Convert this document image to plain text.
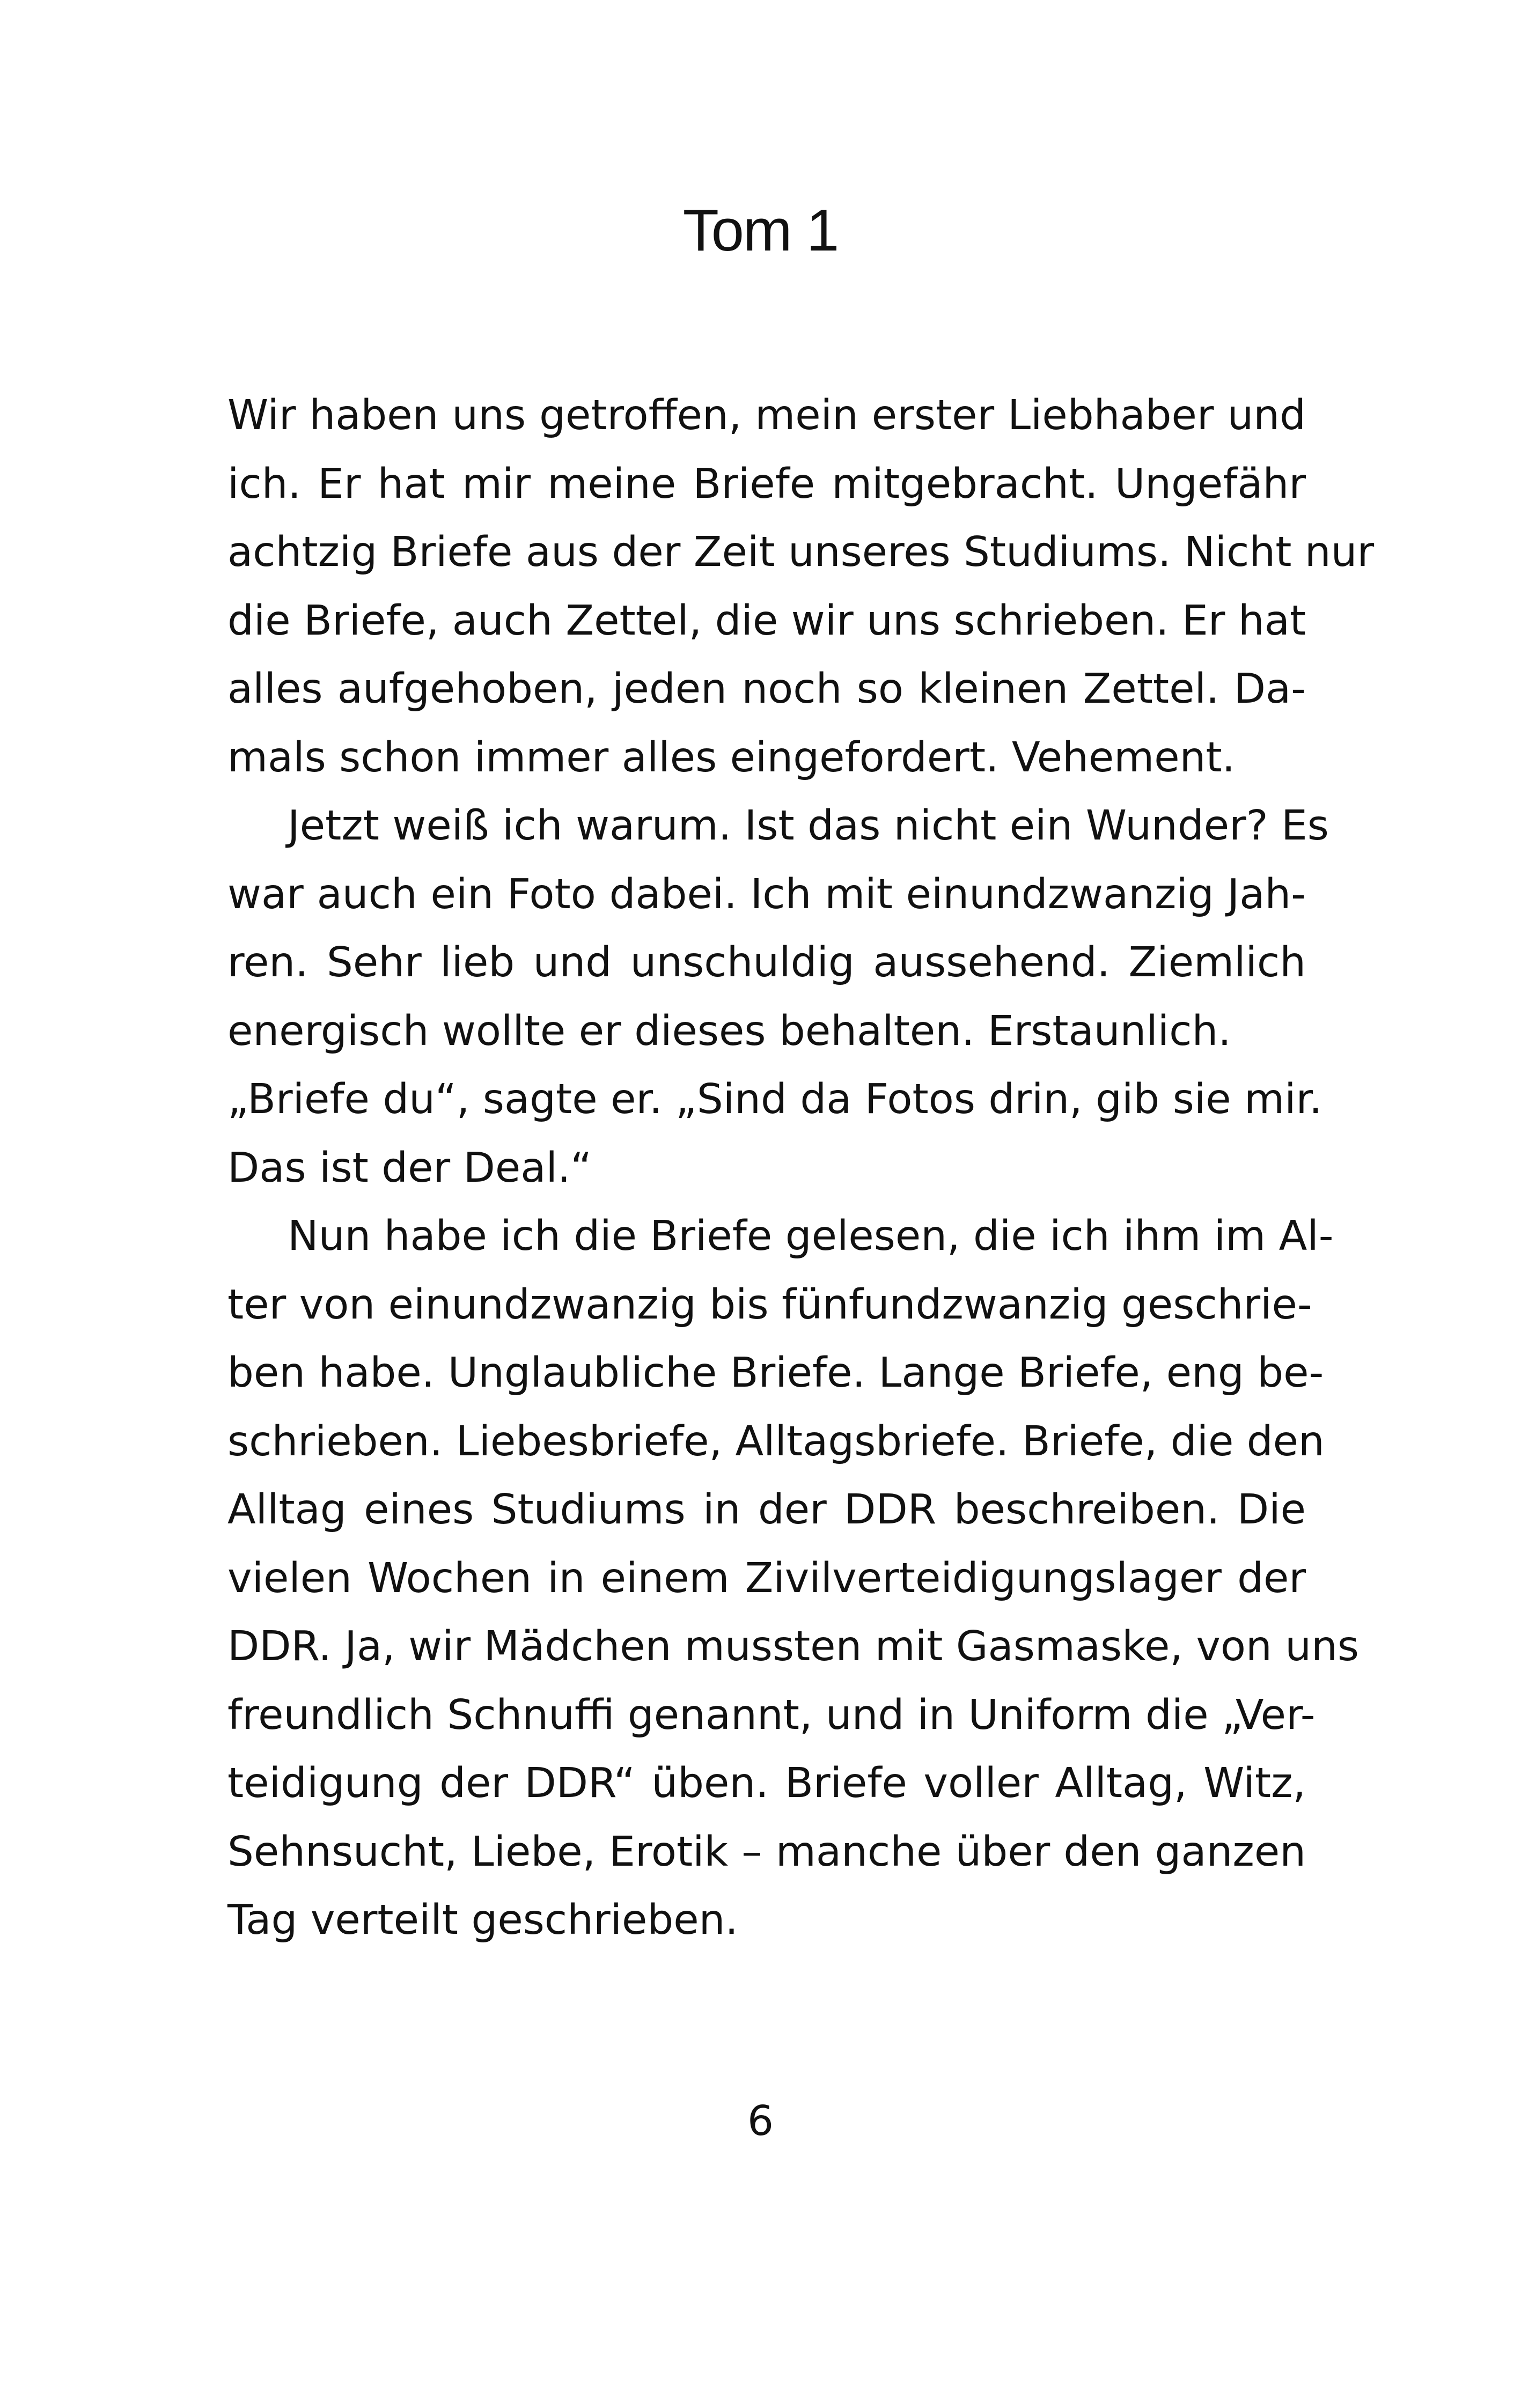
Tom 1
Wir haben uns getroffen, mein erster Liebhaber und
ich. Er hat mir meine Briefe mitgebracht. Ungefähr
achtzig Briefe aus der Zeit unseres Studiums. Nicht nur
die Briefe, auch Zettel, die wir uns schrieben. Er hat
alles aufgehoben, jeden noch so kleinen Zettel. Da-
mals schon immer alles eingefordert. Vehement.
Jetzt weiß ich warum. Ist das nicht ein Wunder? Es
war auch ein Foto dabei. Ich mit einundzwanzig Jah-
ren. Sehr lieb und unschuldig aussehend. Ziemlich
energisch wollte er dieses behalten. Erstaunlich.
„Briefe du“, sagte er. „Sind da Fotos drin, gib sie mir.
Das ist der Deal.“
Nun habe ich die Briefe gelesen, die ich ihm im Al-
ter von einundzwanzig bis fünfundzwanzig geschrie-
ben habe. Unglaubliche Briefe. Lange Briefe, eng be-
schrieben. Liebesbriefe, Alltagsbriefe. Briefe, die den
Alltag eines Studiums in der DDR beschreiben. Die
vielen Wochen in einem Zivilverteidigungslager der
DDR. Ja, wir Mädchen mussten mit Gasmaske, von uns
freundlich Schnuffi genannt, und in Uniform die „Ver-
teidigung der DDR“ üben. Briefe voller Alltag, Witz,
Sehnsucht, Liebe, Erotik – manche über den ganzen
Tag verteilt geschrieben.
6
